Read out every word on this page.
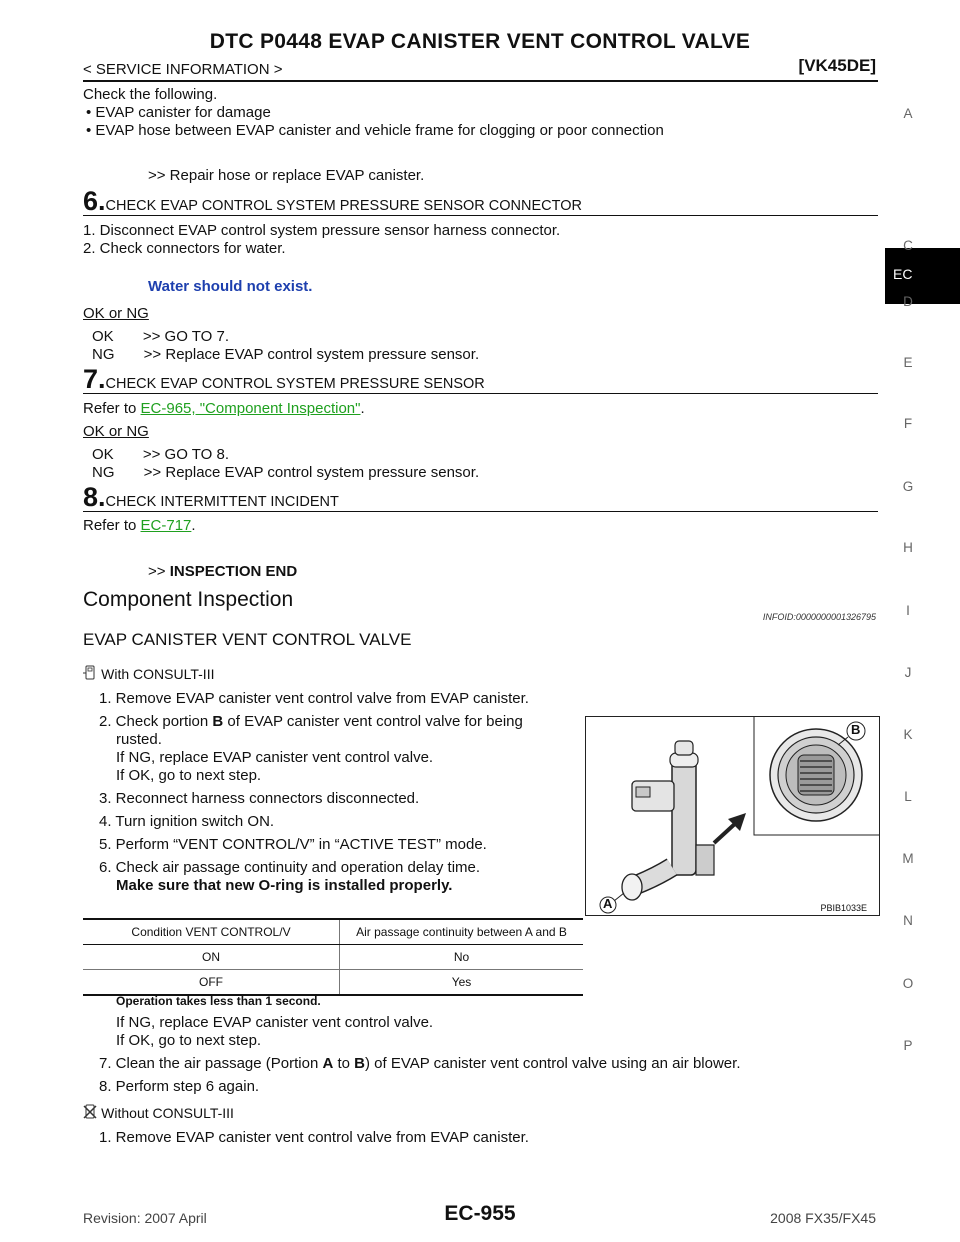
DTC P0448 EVAP CANISTER VENT CONTROL VALVE
< SERVICE INFORMATION >	[VK45DE]
EC
A
C
D
E
F
G
H
I
J
K
L
M
N
O
P
Check the following.
• EVAP canister for damage
• EVAP hose between EVAP canister and vehicle frame for clogging or poor connection
>> Repair hose or replace EVAP canister.
6.CHECK EVAP CONTROL SYSTEM PRESSURE SENSOR CONNECTOR
1. Disconnect EVAP control system pressure sensor harness connector.
2. Check connectors for water.
Water should not exist.
OK or NG
OK       >> GO TO 7.
NG       >> Replace EVAP control system pressure sensor.
7.CHECK EVAP CONTROL SYSTEM PRESSURE SENSOR
Refer to EC-965, "Component Inspection".
OK or NG
OK       >> GO TO 8.
NG       >> Replace EVAP control system pressure sensor.
8.CHECK INTERMITTENT INCIDENT
Refer to EC-717.
>> INSPECTION END
Component Inspection
INFOID:0000000001326795
EVAP CANISTER VENT CONTROL VALVE
With CONSULT-III
1. Remove EVAP canister vent control valve from EVAP canister.
2. Check portion B of EVAP canister vent control valve for being
rusted.
If NG, replace EVAP canister vent control valve.
If OK, go to next step.
3. Reconnect harness connectors disconnected.
4. Turn ignition switch ON.
5. Perform “VENT CONTROL/V” in “ACTIVE TEST” mode.
6. Check air passage continuity and operation delay time.
Make sure that new O-ring is installed properly.
Condition VENT CONTROL/V	Air passage continuity between A and B
ON	No
OFF	Yes
Operation takes less than 1 second.
If NG, replace EVAP canister vent control valve.
If OK, go to next step.
7. Clean the air passage (Portion A to B) of EVAP canister vent control valve using an air blower.
8. Perform step 6 again.
Without CONSULT-III
1. Remove EVAP canister vent control valve from EVAP canister.
B
A	PBIB1033E
Revision: 2007 April	EC-955	2008 FX35/FX45
